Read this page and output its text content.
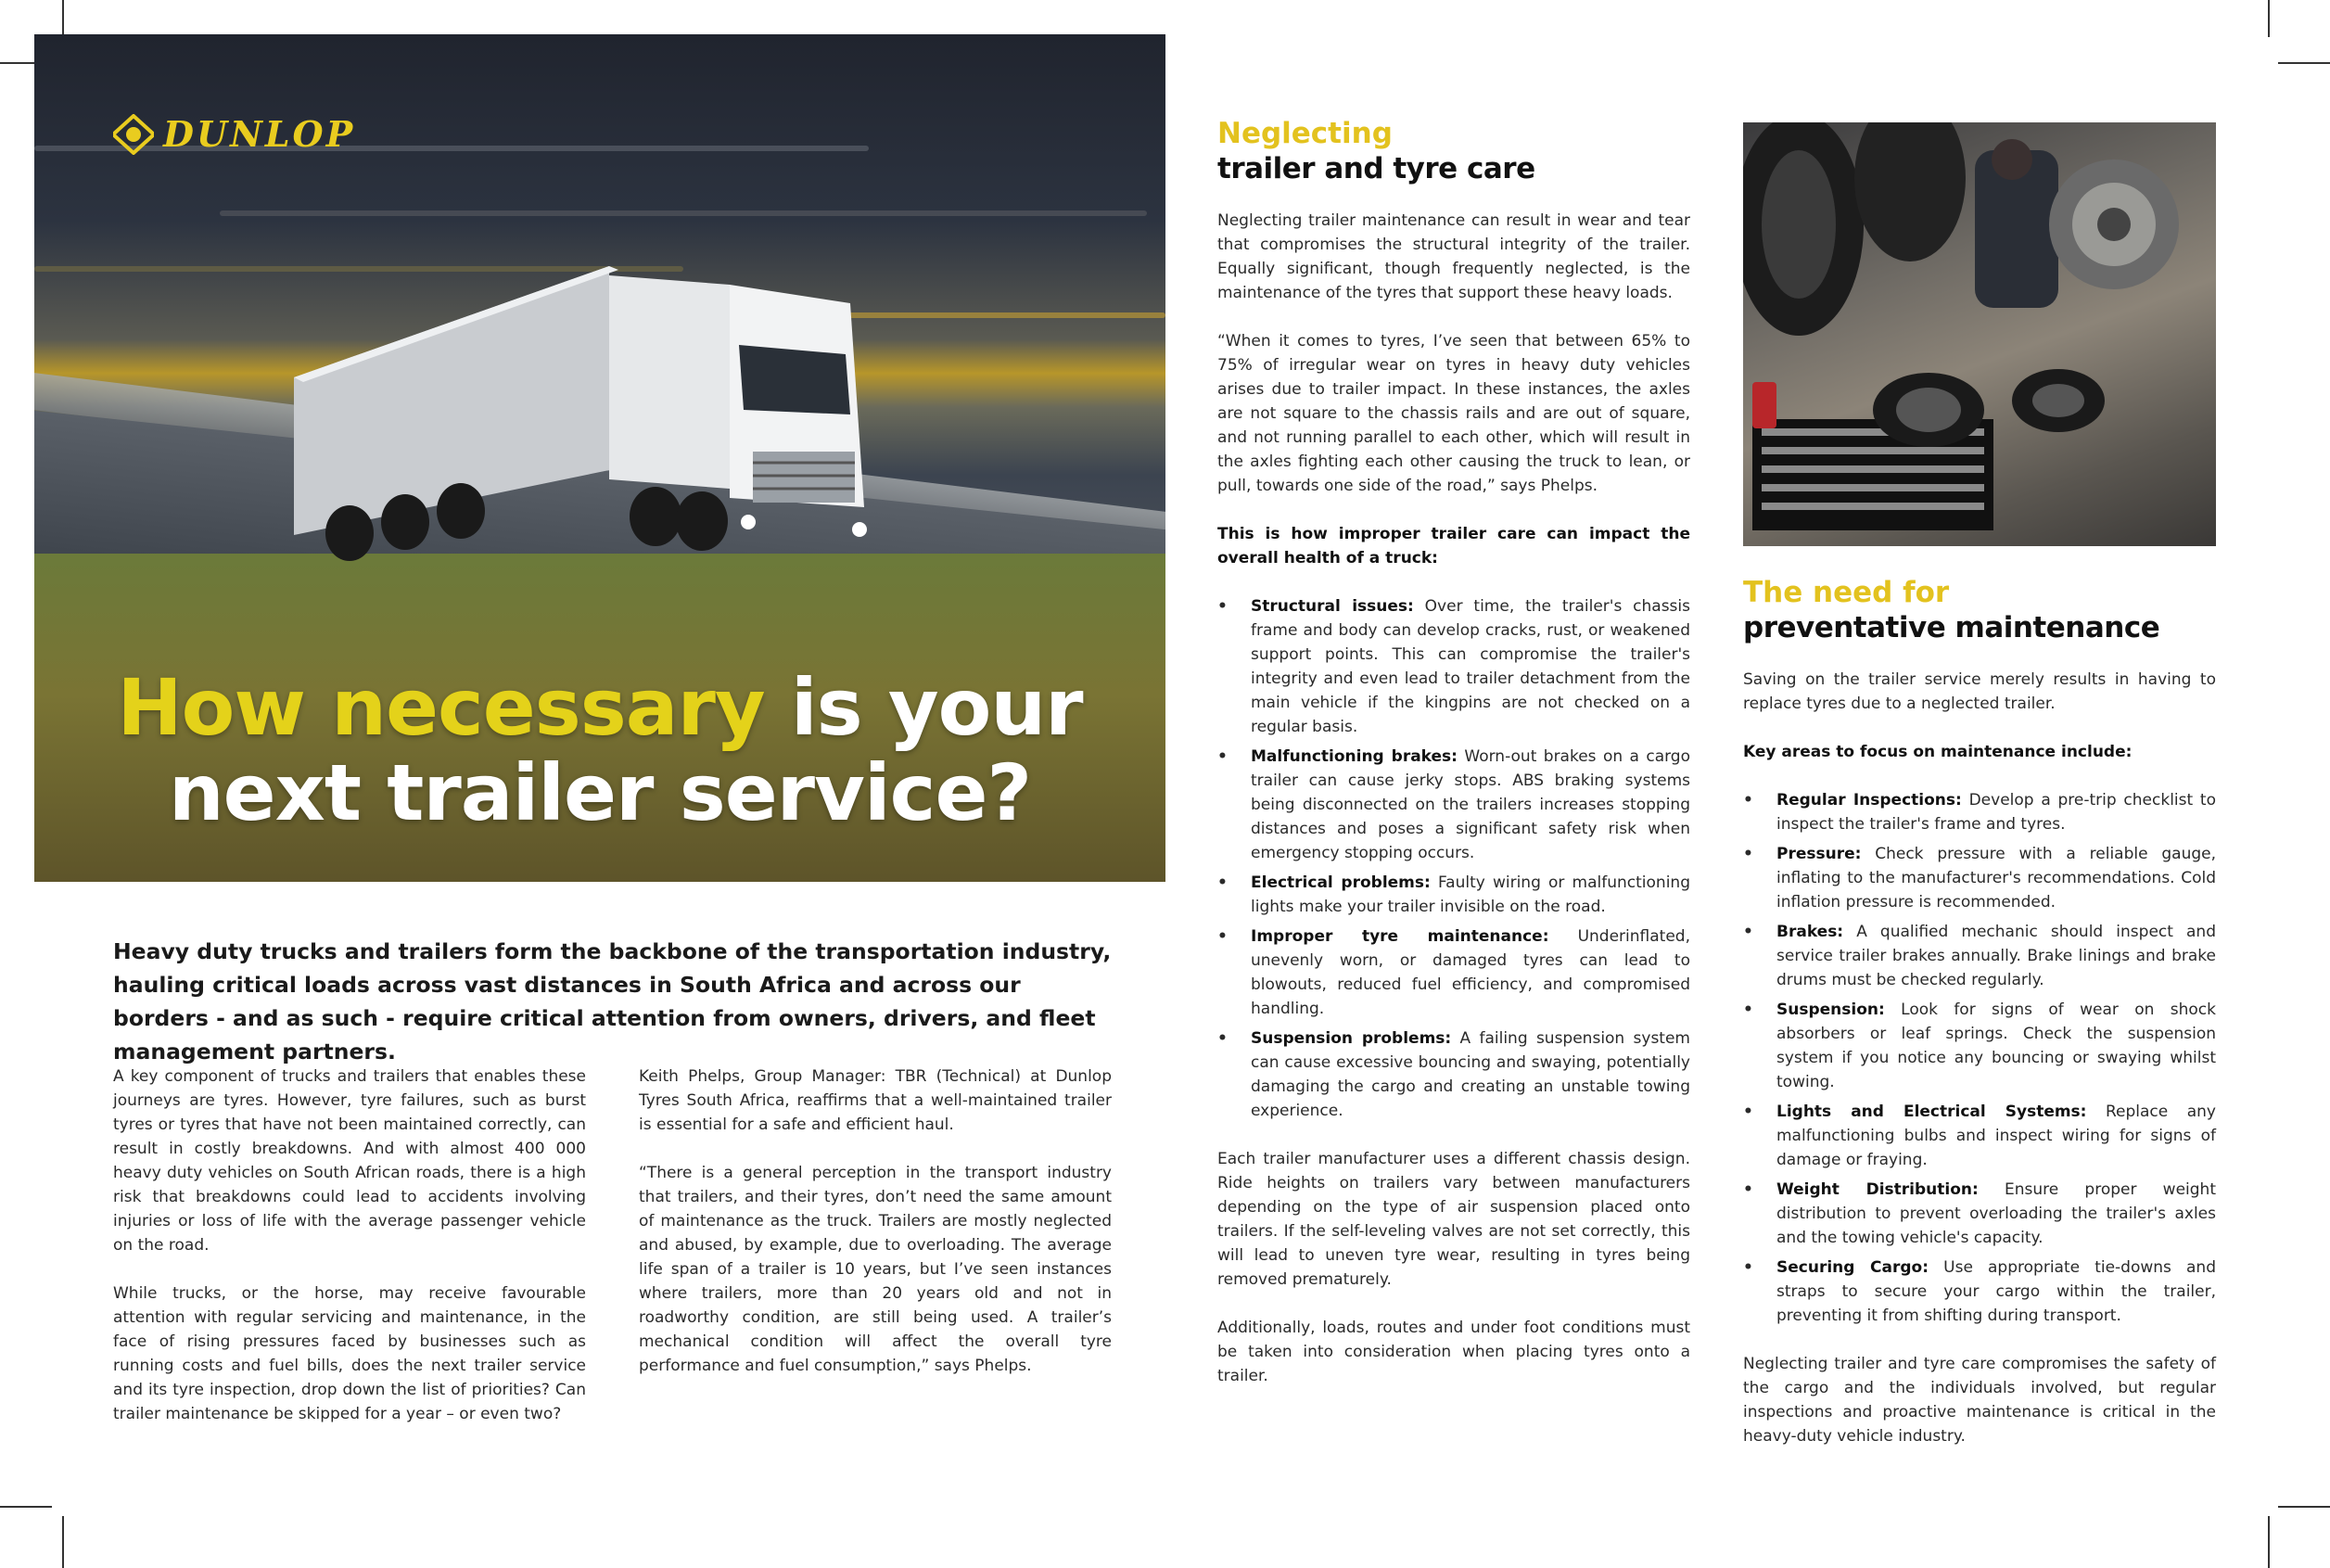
DUNLOP
How necessary is your
next trailer service?
Heavy duty trucks and trailers form the backbone of the transportation industry, hauling critical loads across vast distances in South Africa and across our borders - and as such - require critical attention from owners, drivers, and fleet management partners.

A key component of trucks and trailers that enables these journeys are tyres. However, tyre failures, such as burst tyres or tyres that have not been maintained correctly, can result in costly breakdowns. And with almost 400 000 heavy duty vehicles on South African roads, there is a high risk that breakdowns could lead to accidents involving injuries or loss of life with the average passenger vehicle on the road.

While trucks, or the horse, may receive favourable attention with regular servicing and maintenance, in the face of rising pressures faced by businesses such as running costs and fuel bills, does the next trailer service and its tyre inspection, drop down the list of priorities? Can trailer maintenance be skipped for a year – or even two?

Keith Phelps, Group Manager: TBR (Technical) at Dunlop Tyres South Africa, reaffirms that a well-maintained trailer is essential for a safe and efficient haul.

“There is a general perception in the transport industry that trailers, and their tyres, don’t need the same amount of maintenance as the truck. Trailers are mostly neglected and abused, by example, due to overloading. The average life span of a trailer is 10 years, but I’ve seen instances where trailers, more than 20 years old and not in roadworthy condition, are still being used. A trailer’s mechanical condition will affect the overall tyre performance and fuel consumption,” says Phelps.

Neglecting
trailer and tyre care

Neglecting trailer maintenance can result in wear and tear that compromises the structural integrity of the trailer. Equally significant, though frequently neglected, is the maintenance of the tyres that support these heavy loads.

“When it comes to tyres, I’ve seen that between 65% to 75% of irregular wear on tyres in heavy duty vehicles arises due to trailer impact. In these instances, the axles are not square to the chassis rails and are out of square, and not running parallel to each other, which will result in the axles fighting each other causing the truck to lean, or pull, towards one side of the road,” says Phelps.

This is how improper trailer care can impact the overall health of a truck:

• Structural issues: Over time, the trailer's chassis frame and body can develop cracks, rust, or weakened support points. This can compromise the trailer's integrity and even lead to trailer detachment from the main vehicle if the kingpins are not checked on a regular basis.
• Malfunctioning brakes: Worn-out brakes on a cargo trailer can cause jerky stops. ABS braking systems being disconnected on the trailers increases stopping distances and poses a significant safety risk when emergency stopping occurs.
• Electrical problems: Faulty wiring or malfunctioning lights make your trailer invisible on the road.
• Improper tyre maintenance: Underinflated, unevenly worn, or damaged tyres can lead to blowouts, reduced fuel efficiency, and compromised handling.
• Suspension problems: A failing suspension system can cause excessive bouncing and swaying, potentially damaging the cargo and creating an unstable towing experience.

Each trailer manufacturer uses a different chassis design. Ride heights on trailers vary between manufacturers depending on the type of air suspension placed onto trailers. If the self-leveling valves are not set correctly, this will lead to uneven tyre wear, resulting in tyres being removed prematurely.

Additionally, loads, routes and under foot conditions must be taken into consideration when placing tyres onto a trailer.

The need for
preventative maintenance

Saving on the trailer service merely results in having to replace tyres due to a neglected trailer.

Key areas to focus on maintenance include:

• Regular Inspections: Develop a pre-trip checklist to inspect the trailer's frame and tyres.
• Pressure: Check pressure with a reliable gauge, inflating to the manufacturer's recommendations. Cold inflation pressure is recommended.
• Brakes: A qualified mechanic should inspect and service trailer brakes annually. Brake linings and brake drums must be checked regularly.
• Suspension: Look for signs of wear on shock absorbers or leaf springs. Check the suspension system if you notice any bouncing or swaying whilst towing.
• Lights and Electrical Systems: Replace any malfunctioning bulbs and inspect wiring for signs of damage or fraying.
• Weight Distribution: Ensure proper weight distribution to prevent overloading the trailer's axles and the towing vehicle's capacity.
• Securing Cargo: Use appropriate tie-downs and straps to secure your cargo within the trailer, preventing it from shifting during transport.

Neglecting trailer and tyre care compromises the safety of the cargo and the individuals involved, but regular inspections and proactive maintenance is critical in the heavy-duty vehicle industry.
